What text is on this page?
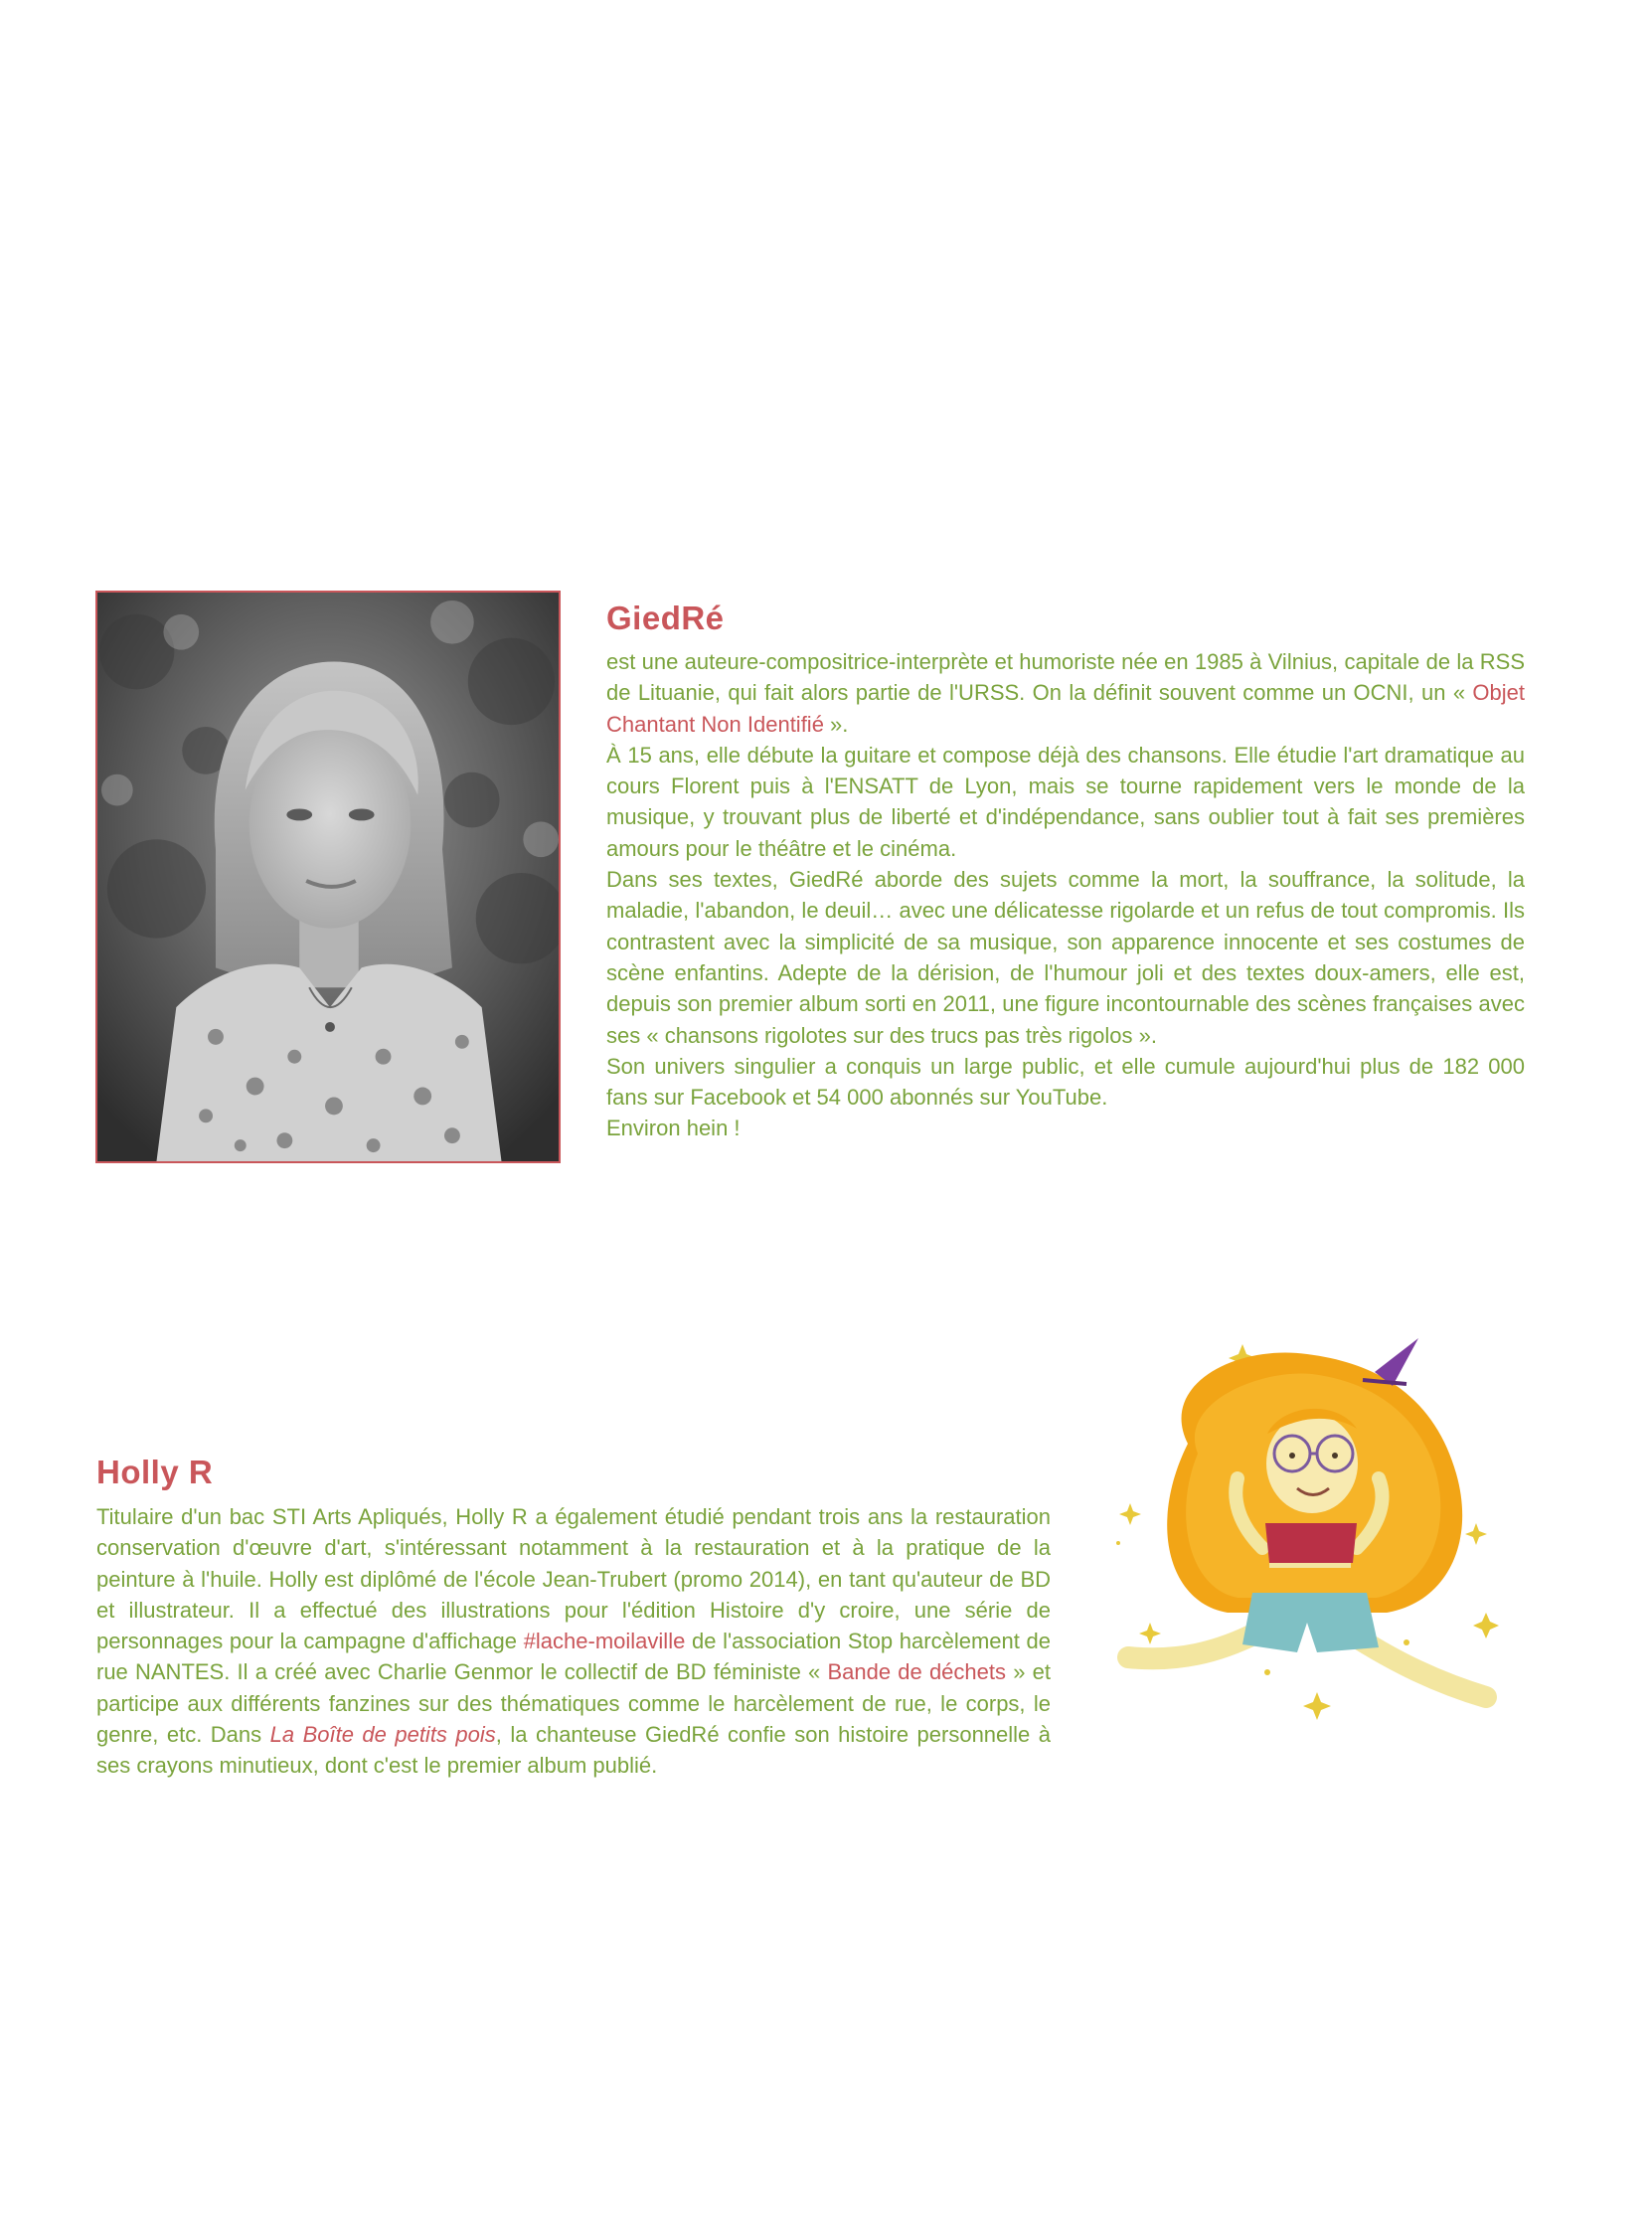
GiedRé

est une auteure-compositrice-interprète et humoriste née en 1985 à Vilnius, capitale de la RSS de Lituanie, qui fait alors partie de l'URSS. On la définit souvent comme un OCNI, un « Objet Chantant Non Identifié ».

À 15 ans, elle débute la guitare et compose déjà des chansons. Elle étudie l'art dramatique au cours Florent puis à l'ENSATT de Lyon, mais se tourne rapidement vers le monde de la musique, y trouvant plus de liberté et d'indépendance, sans oublier tout à fait ses premières amours pour le théâtre et le cinéma.

Dans ses textes, GiedRé aborde des sujets comme la mort, la souffrance, la solitude, la maladie, l'abandon, le deuil… avec une délicatesse rigolarde et un refus de tout compromis. Ils contrastent avec la simplicité de sa musique, son apparence innocente et ses costumes de scène enfantins. Adepte de la dérision, de l'humour joli et des textes doux-amers, elle est, depuis son premier album sorti en 2011, une figure incontournable des scènes françaises avec ses « chansons rigolotes sur des trucs pas très rigolos ».

Son univers singulier a conquis un large public, et elle cumule aujourd'hui plus de 182 000 fans sur Facebook et 54 000 abonnés sur YouTube.

Environ hein !

Holly R

Titulaire d'un bac STI Arts Apliqués, Holly R a également étudié pendant trois ans la restauration conservation d'œuvre d'art, s'intéressant notamment à la restauration et à la pratique de la peinture à l'huile. Holly est diplômé de l'école Jean-Trubert (promo 2014), en tant qu'auteur de BD et illustrateur. Il a effectué des illustrations pour l'édition Histoire d'y croire, une série de personnages pour la campagne d'affichage #lache-moilaville de l'association Stop harcèlement de rue NANTES. Il a créé avec Charlie Genmor le collectif de BD féministe « Bande de déchets » et participe aux différents fanzines sur des thématiques comme le harcèlement de rue, le corps, le genre, etc. Dans La Boîte de petits pois, la chanteuse GiedRé confie son histoire personnelle à ses crayons minutieux, dont c'est le premier album publié.
